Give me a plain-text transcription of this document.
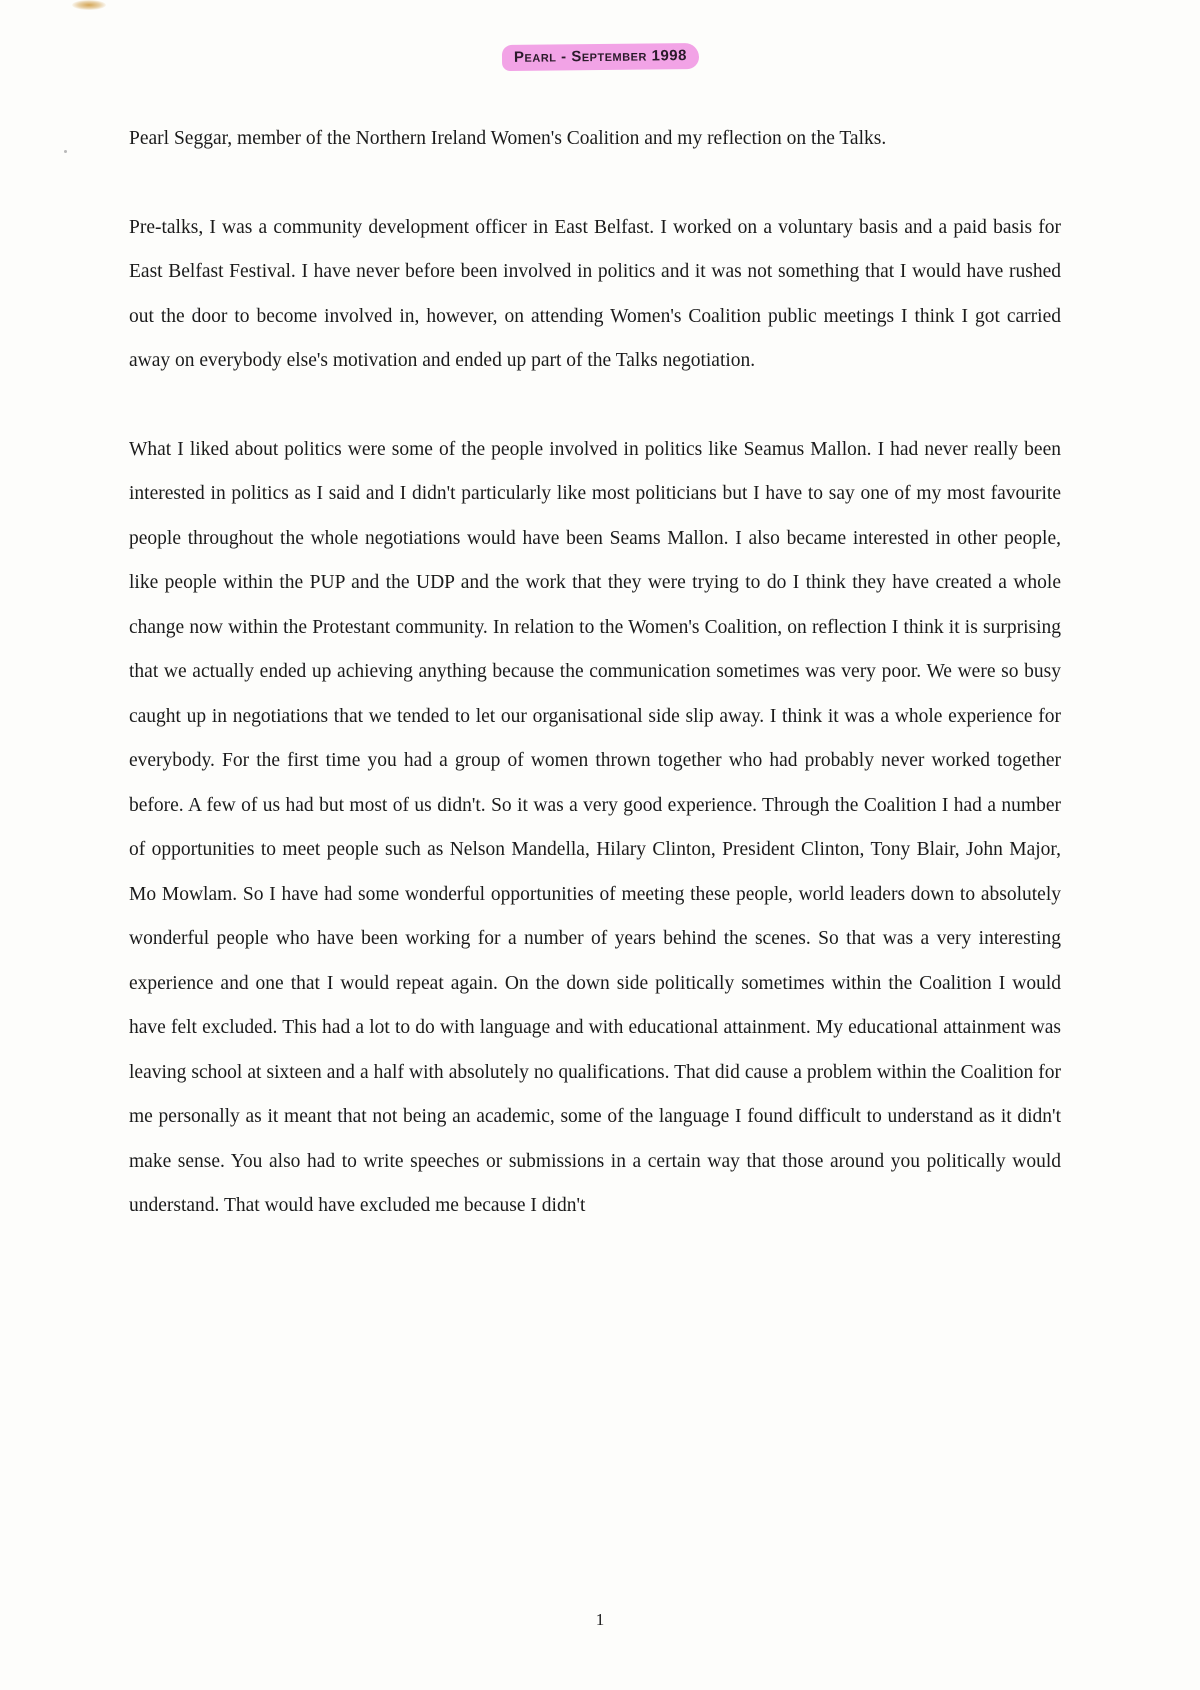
Pearl - September 1998

Pearl Seggar, member of the Northern Ireland Women's Coalition and my reflection on the Talks.

Pre-talks, I was a community development officer in East Belfast. I worked on a voluntary basis and a paid basis for East Belfast Festival. I have never before been involved in politics and it was not something that I would have rushed out the door to become involved in, however, on attending Women's Coalition public meetings I think I got carried away on everybody else's motivation and ended up part of the Talks negotiation.

What I liked about politics were some of the people involved in politics like Seamus Mallon. I had never really been interested in politics as I said and I didn't particularly like most politicians but I have to say one of my most favourite people throughout the whole negotiations would have been Seams Mallon. I also became interested in other people, like people within the PUP and the UDP and the work that they were trying to do I think they have created a whole change now within the Protestant community. In relation to the Women's Coalition, on reflection I think it is surprising that we actually ended up achieving anything because the communication sometimes was very poor. We were so busy caught up in negotiations that we tended to let our organisational side slip away. I think it was a whole experience for everybody. For the first time you had a group of women thrown together who had probably never worked together before. A few of us had but most of us didn't. So it was a very good experience. Through the Coalition I had a number of opportunities to meet people such as Nelson Mandella, Hilary Clinton, President Clinton, Tony Blair, John Major, Mo Mowlam. So I have had some wonderful opportunities of meeting these people, world leaders down to absolutely wonderful people who have been working for a number of years behind the scenes. So that was a very interesting experience and one that I would repeat again. On the down side politically sometimes within the Coalition I would have felt excluded. This had a lot to do with language and with educational attainment. My educational attainment was leaving school at sixteen and a half with absolutely no qualifications. That did cause a problem within the Coalition for me personally as it meant that not being an academic, some of the language I found difficult to understand as it didn't make sense. You also had to write speeches or submissions in a certain way that those around you politically would understand. That would have excluded me because I didn't

1
